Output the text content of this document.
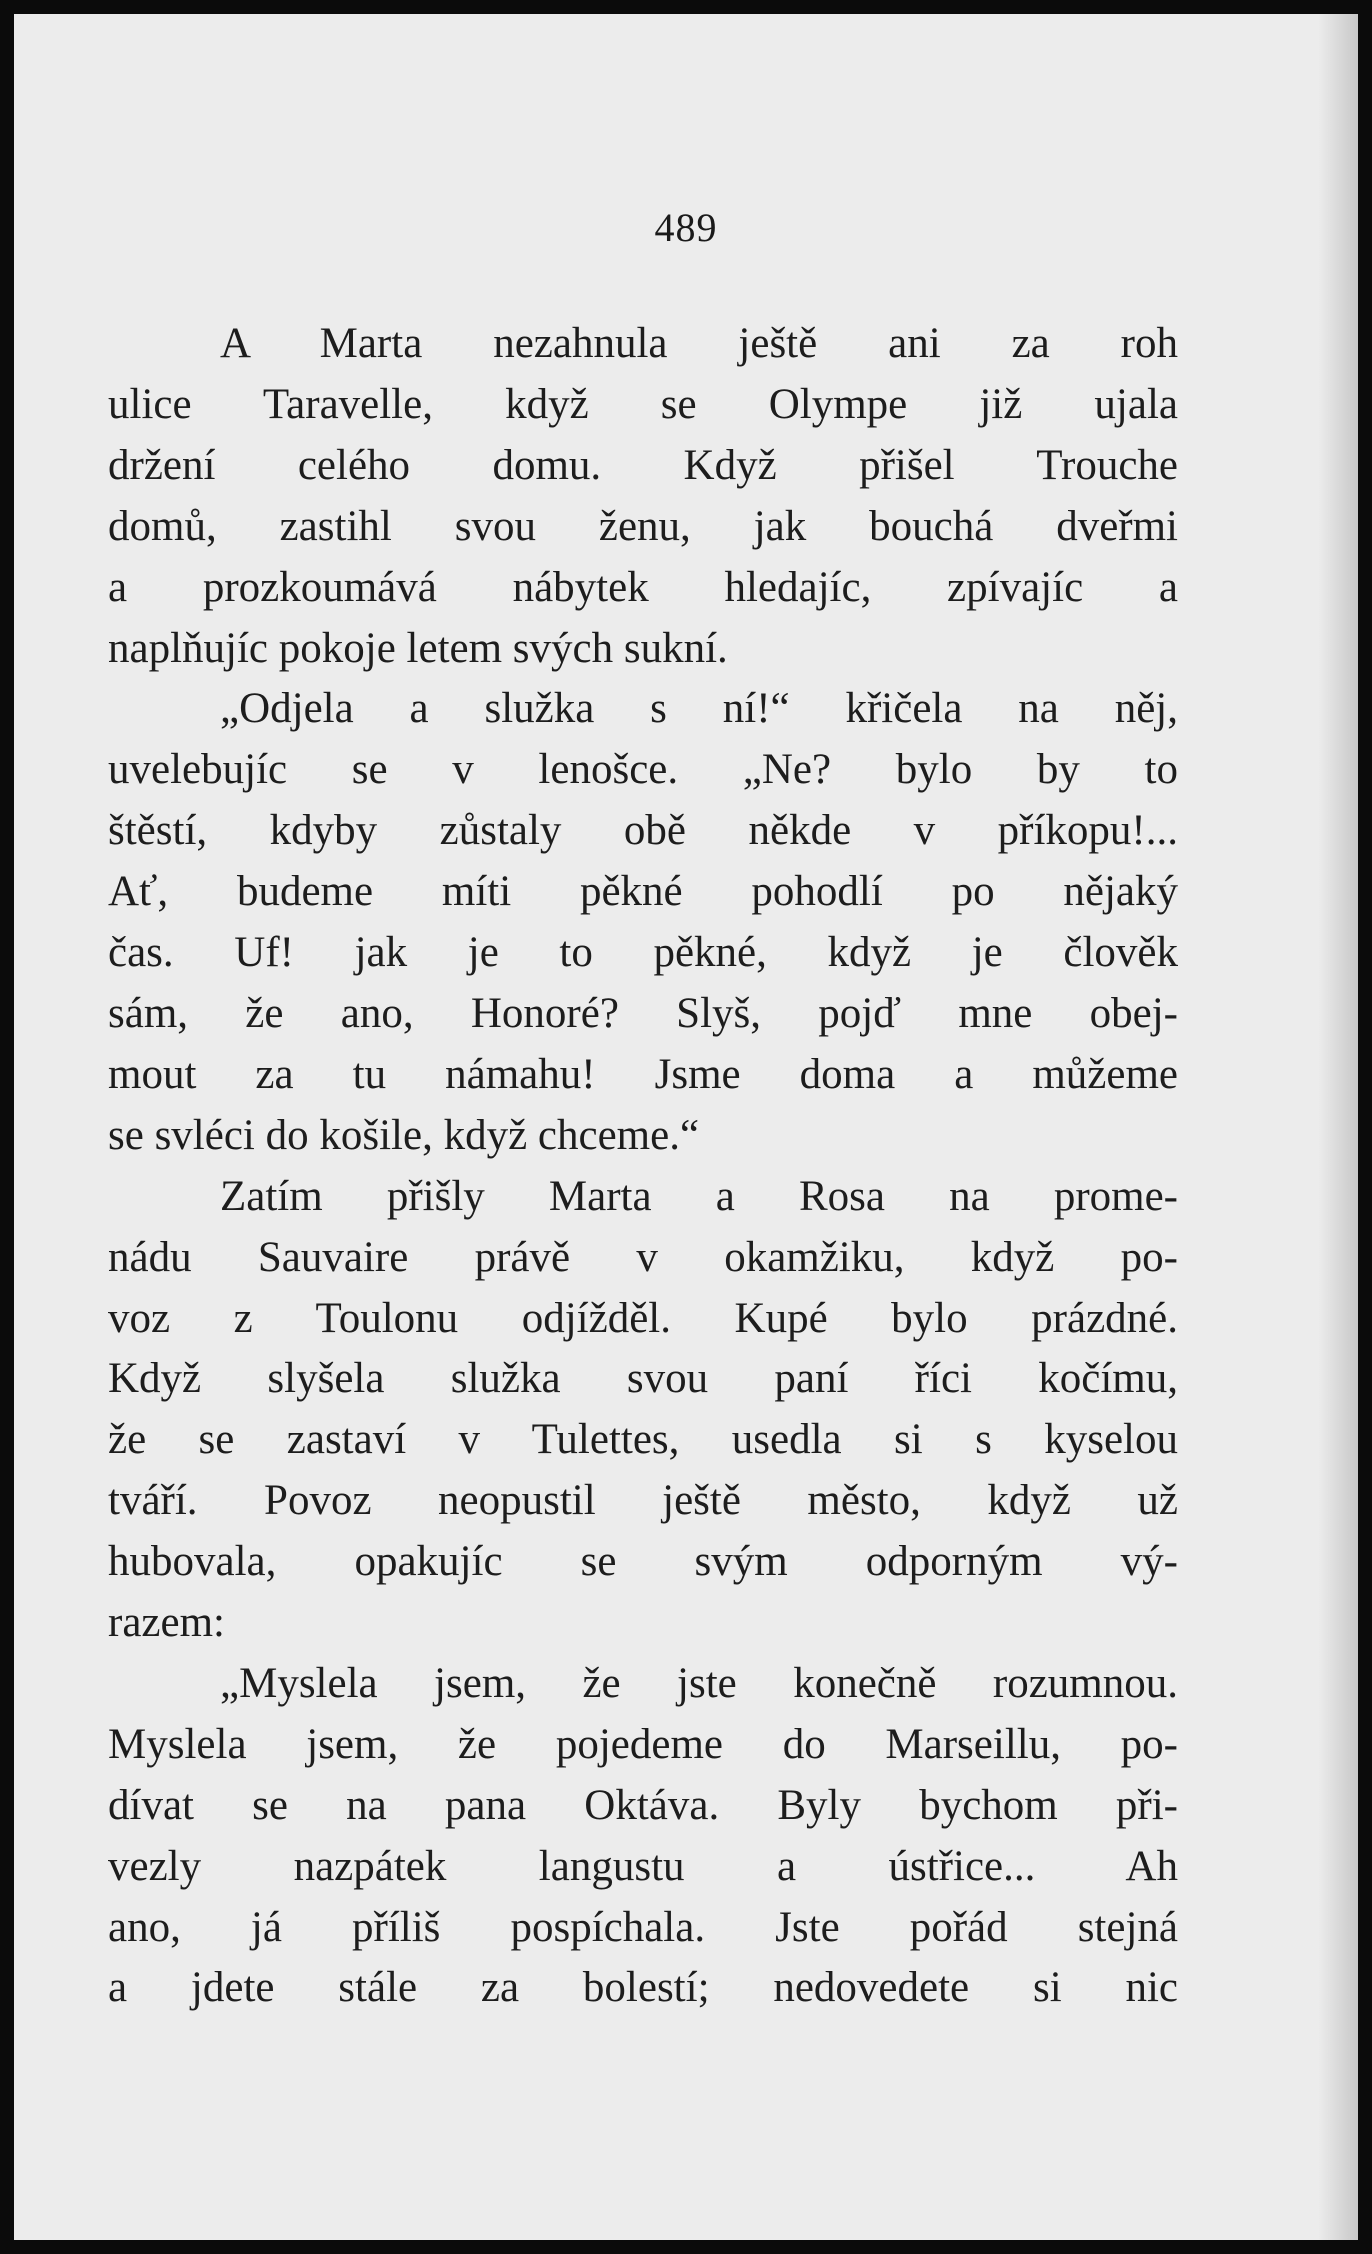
489
A Marta nezahnula ještě ani za roh
ulice Taravelle, když se Olympe již ujala
držení celého domu. Když přišel Trouche
domů, zastihl svou ženu, jak bouchá dveřmi
a prozkoumává nábytek hledajíc, zpívajíc a
naplňujíc pokoje letem svých sukní.
„Odjela a služka s ní!“ křičela na něj,
uvelebujíc se v lenošce. „Ne? bylo by to
štěstí, kdyby zůstaly obě někde v příkopu!...
Ať, budeme míti pěkné pohodlí po nějaký
čas. Uf! jak je to pěkné, když je člověk
sám, že ano, Honoré? Slyš, pojď mne obej-
mout za tu námahu! Jsme doma a můžeme
se svléci do košile, když chceme.“
Zatím přišly Marta a Rosa na prome-
nádu Sauvaire právě v okamžiku, když po-
voz z Toulonu odjížděl. Kupé bylo prázdné.
Když slyšela služka svou paní říci kočímu,
že se zastaví v Tulettes, usedla si s kyselou
tváří. Povoz neopustil ještě město, když už
hubovala, opakujíc se svým odporným vý-
razem:
„Myslela jsem, že jste konečně rozumnou.
Myslela jsem, že pojedeme do Marseillu, po-
dívat se na pana Oktáva. Byly bychom při-
vezly nazpátek langustu a ústřice... Ah
ano, já příliš pospíchala. Jste pořád stejná
a jdete stále za bolestí; nedovedete si nic
